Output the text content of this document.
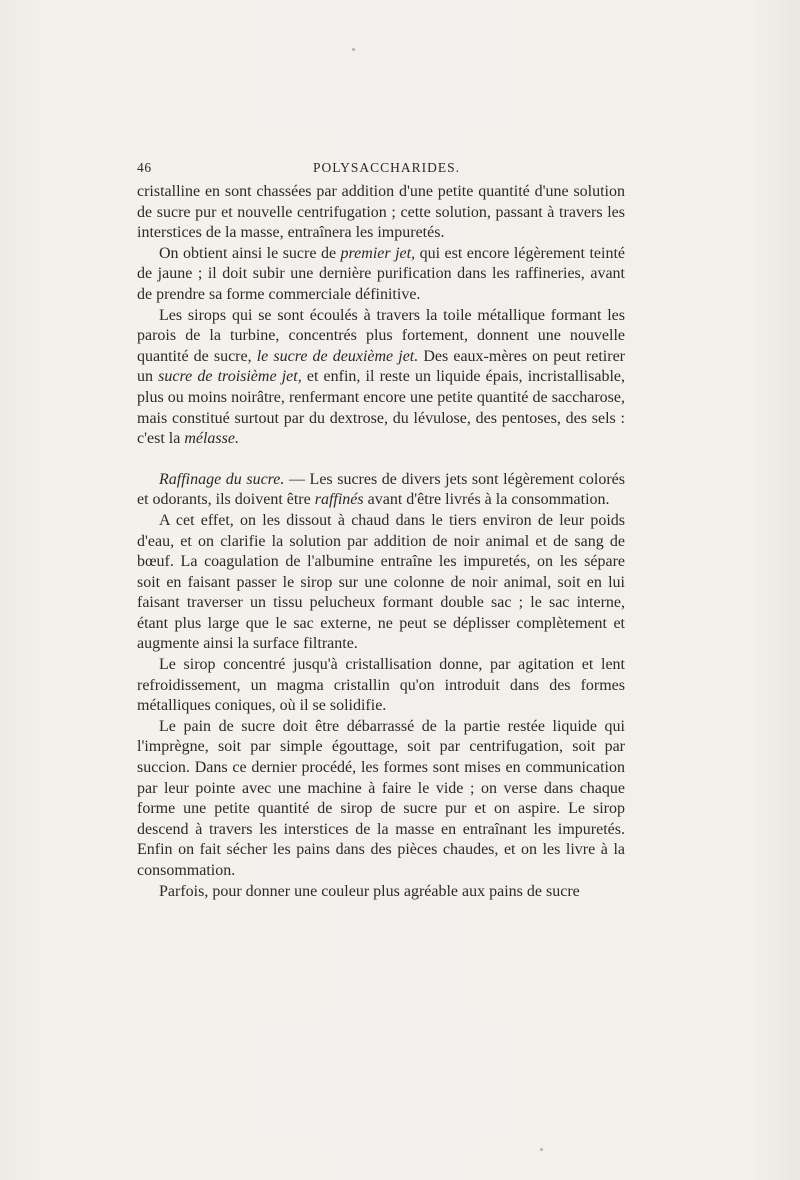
46	POLYSACCHARIDES.

cristalline en sont chassées par addition d'une petite quantité d'une solution de sucre pur et nouvelle centrifugation ; cette solution, passant à travers les interstices de la masse, entraînera les impuretés.

On obtient ainsi le sucre de premier jet, qui est encore légèrement teinté de jaune ; il doit subir une dernière purification dans les raffineries, avant de prendre sa forme commerciale définitive.

Les sirops qui se sont écoulés à travers la toile métallique formant les parois de la turbine, concentrés plus fortement, donnent une nouvelle quantité de sucre, le sucre de deuxième jet. Des eaux-mères on peut retirer un sucre de troisième jet, et enfin, il reste un liquide épais, incristallisable, plus ou moins noirâtre, renfermant encore une petite quantité de saccharose, mais constitué surtout par du dextrose, du lévulose, des pentoses, des sels : c'est la mélasse.

Raffinage du sucre. — Les sucres de divers jets sont légèrement colorés et odorants, ils doivent être raffinés avant d'être livrés à la consommation.

A cet effet, on les dissout à chaud dans le tiers environ de leur poids d'eau, et on clarifie la solution par addition de noir animal et de sang de bœuf. La coagulation de l'albumine entraîne les impuretés, on les sépare soit en faisant passer le sirop sur une colonne de noir animal, soit en lui faisant traverser un tissu pelucheux formant double sac ; le sac interne, étant plus large que le sac externe, ne peut se déplisser complètement et augmente ainsi la surface filtrante.

Le sirop concentré jusqu'à cristallisation donne, par agitation et lent refroidissement, un magma cristallin qu'on introduit dans des formes métalliques coniques, où il se solidifie.

Le pain de sucre doit être débarrassé de la partie restée liquide qui l'imprègne, soit par simple égouttage, soit par centrifugation, soit par succion. Dans ce dernier procédé, les formes sont mises en communication par leur pointe avec une machine à faire le vide ; on verse dans chaque forme une petite quantité de sirop de sucre pur et on aspire. Le sirop descend à travers les interstices de la masse en entraînant les impuretés. Enfin on fait sécher les pains dans des pièces chaudes, et on les livre à la consommation.

Parfois, pour donner une couleur plus agréable aux pains de sucre
